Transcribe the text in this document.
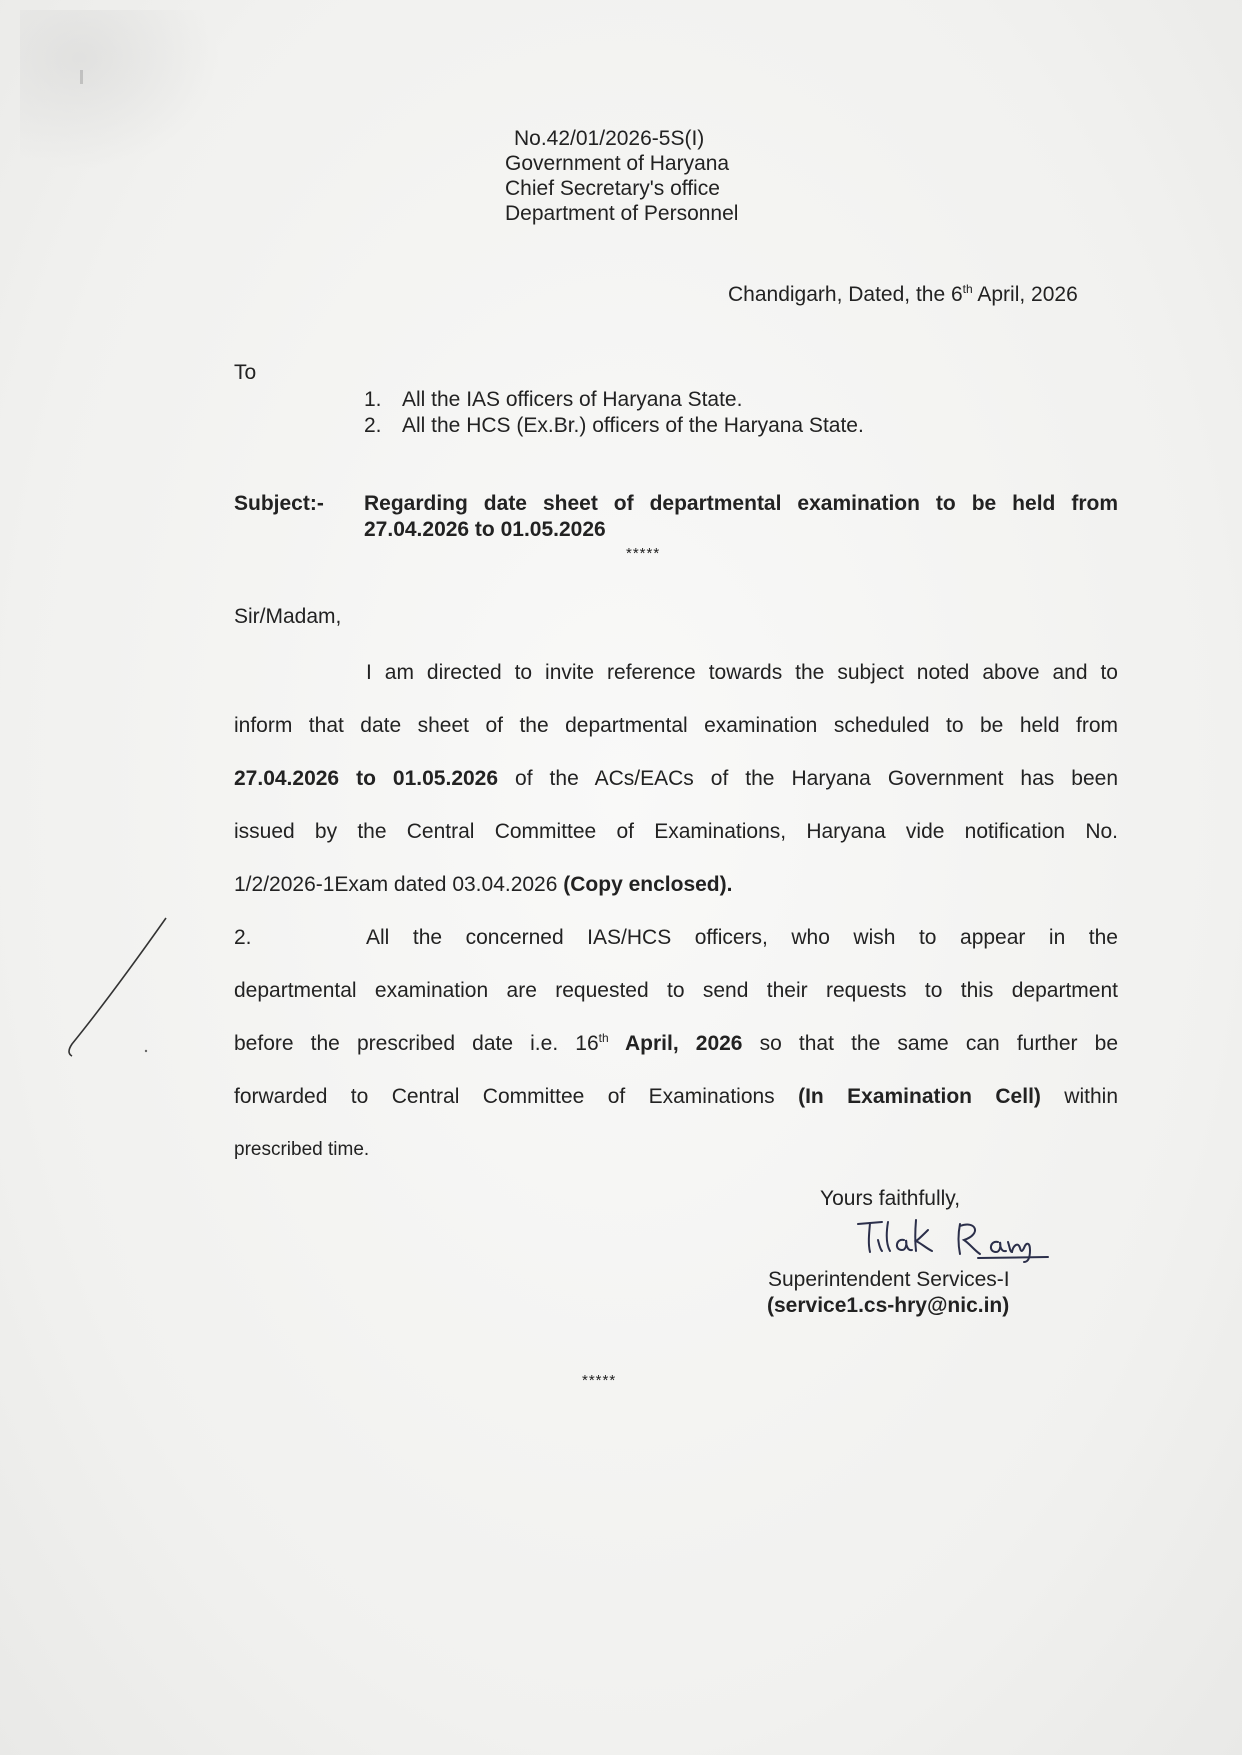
No.42/01/2026-5S(I)
Government of Haryana
Chief Secretary's office
Department of Personnel
Chandigarh, Dated, the 6th April, 2026
To
1. All the IAS officers of Haryana State.
2. All the HCS (Ex.Br.) officers of the Haryana State.
Subject:- Regarding date sheet of departmental examination to be held from
27.04.2026 to 01.05.2026
*****
Sir/Madam,
I am directed to invite reference towards the subject noted above and to
inform that date sheet of the departmental examination scheduled to be held from
27.04.2026 to 01.05.2026 of the ACs/EACs of the Haryana Government has been
issued by the Central Committee of Examinations, Haryana vide notification No.
1/2/2026-1Exam dated 03.04.2026 (Copy enclosed).
2.	All the concerned IAS/HCS officers, who wish to appear in the
departmental examination are requested to send their requests to this department
before the prescribed date i.e. 16th April, 2026 so that the same can further be
forwarded to Central Committee of Examinations (In Examination Cell) within
prescribed time.
Yours faithfully,
Superintendent Services-I
(service1.cs-hry@nic.in)
*****
